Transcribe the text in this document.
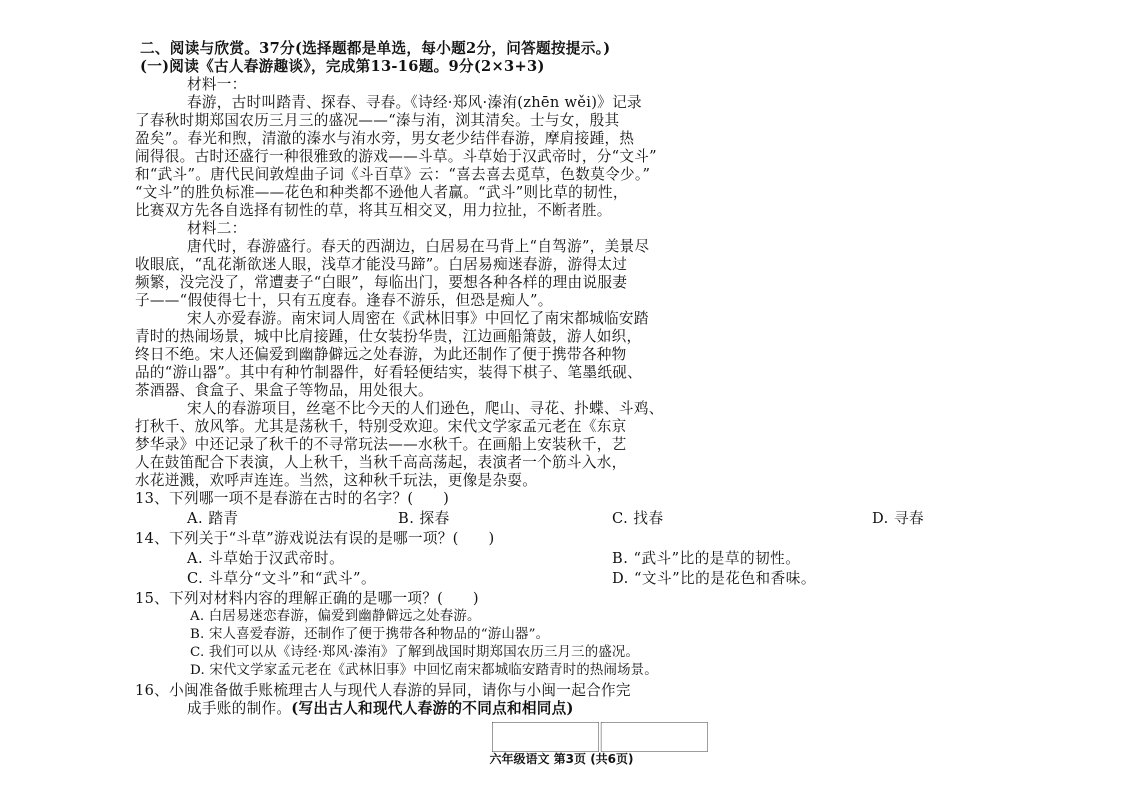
二、阅读与欣赏。37分(选择题都是单选，每小题2分，问答题按提示。)
(一)阅读《古人春游趣谈》，完成第13-16题。9分(2×3+3)
材料一：
春游，古时叫踏青、探春、寻春。《诗经·郑风·溱洧(zhēn wěi)》记录
了春秋时期郑国农历三月三的盛况——“溱与洧，浏其清矣。士与女，殷其
盈矣”。春光和煦，清澈的溱水与洧水旁，男女老少结伴春游，摩肩接踵，热
闹得很。古时还盛行一种很雅致的游戏——斗草。斗草始于汉武帝时，分“文斗”
和“武斗”。唐代民间敦煌曲子词《斗百草》云：“喜去喜去觅草，色数莫令少。”
“文斗”的胜负标准——花色和种类都不逊他人者赢。“武斗”则比草的韧性，
比赛双方先各自选择有韧性的草，将其互相交叉，用力拉扯，不断者胜。
材料二：
唐代时，春游盛行。春天的西湖边，白居易在马背上“自驾游”，美景尽
收眼底，“乱花渐欲迷人眼，浅草才能没马蹄”。白居易痴迷春游，游得太过
频繁，没完没了，常遭妻子“白眼”，每临出门，要想各种各样的理由说服妻
子——“假使得七十，只有五度春。逢春不游乐，但恐是痴人”。
宋人亦爱春游。南宋词人周密在《武林旧事》中回忆了南宋都城临安踏
青时的热闹场景，城中比肩接踵，仕女装扮华贵，江边画船箫鼓，游人如织，
终日不绝。宋人还偏爱到幽静僻远之处春游，为此还制作了便于携带各种物
品的“游山器”。其中有种竹制器件，好看轻便结实，装得下棋子、笔墨纸砚、
茶酒器、食盒子、果盒子等物品，用处很大。
宋人的春游项目，丝毫不比今天的人们逊色，爬山、寻花、扑蝶、斗鸡、
打秋千、放风筝。尤其是荡秋千，特别受欢迎。宋代文学家孟元老在《东京
梦华录》中还记录了秋千的不寻常玩法——水秋千。在画船上安装秋千，艺
人在鼓笛配合下表演，人上秋千，当秋千高高荡起，表演者一个筋斗入水，
水花迸溅，欢呼声连连。当然，这种秋千玩法，更像是杂耍。
13、下列哪一项不是春游在古时的名字？(　　)
A. 踏青	B. 探春	C. 找春	D. 寻春
14、下列关于“斗草”游戏说法有误的是哪一项？(　　)
A. 斗草始于汉武帝时。	B. “武斗”比的是草的韧性。
C. 斗草分“文斗”和“武斗”。	D. “文斗”比的是花色和香味。
15、下列对材料内容的理解正确的是哪一项？(　　)
A. 白居易迷恋春游，偏爱到幽静僻远之处春游。
B. 宋人喜爱春游，还制作了便于携带各种物品的“游山器”。
C. 我们可以从《诗经·郑风·溱洧》了解到战国时期郑国农历三月三的盛况。
D. 宋代文学家孟元老在《武林旧事》中回忆南宋都城临安踏青时的热闹场景。
16、小闽准备做手账梳理古人与现代人春游的异同，请你与小闽一起合作完
成手账的制作。(写出古人和现代人春游的不同点和相同点)
六年级语文 第3页 (共6页)
